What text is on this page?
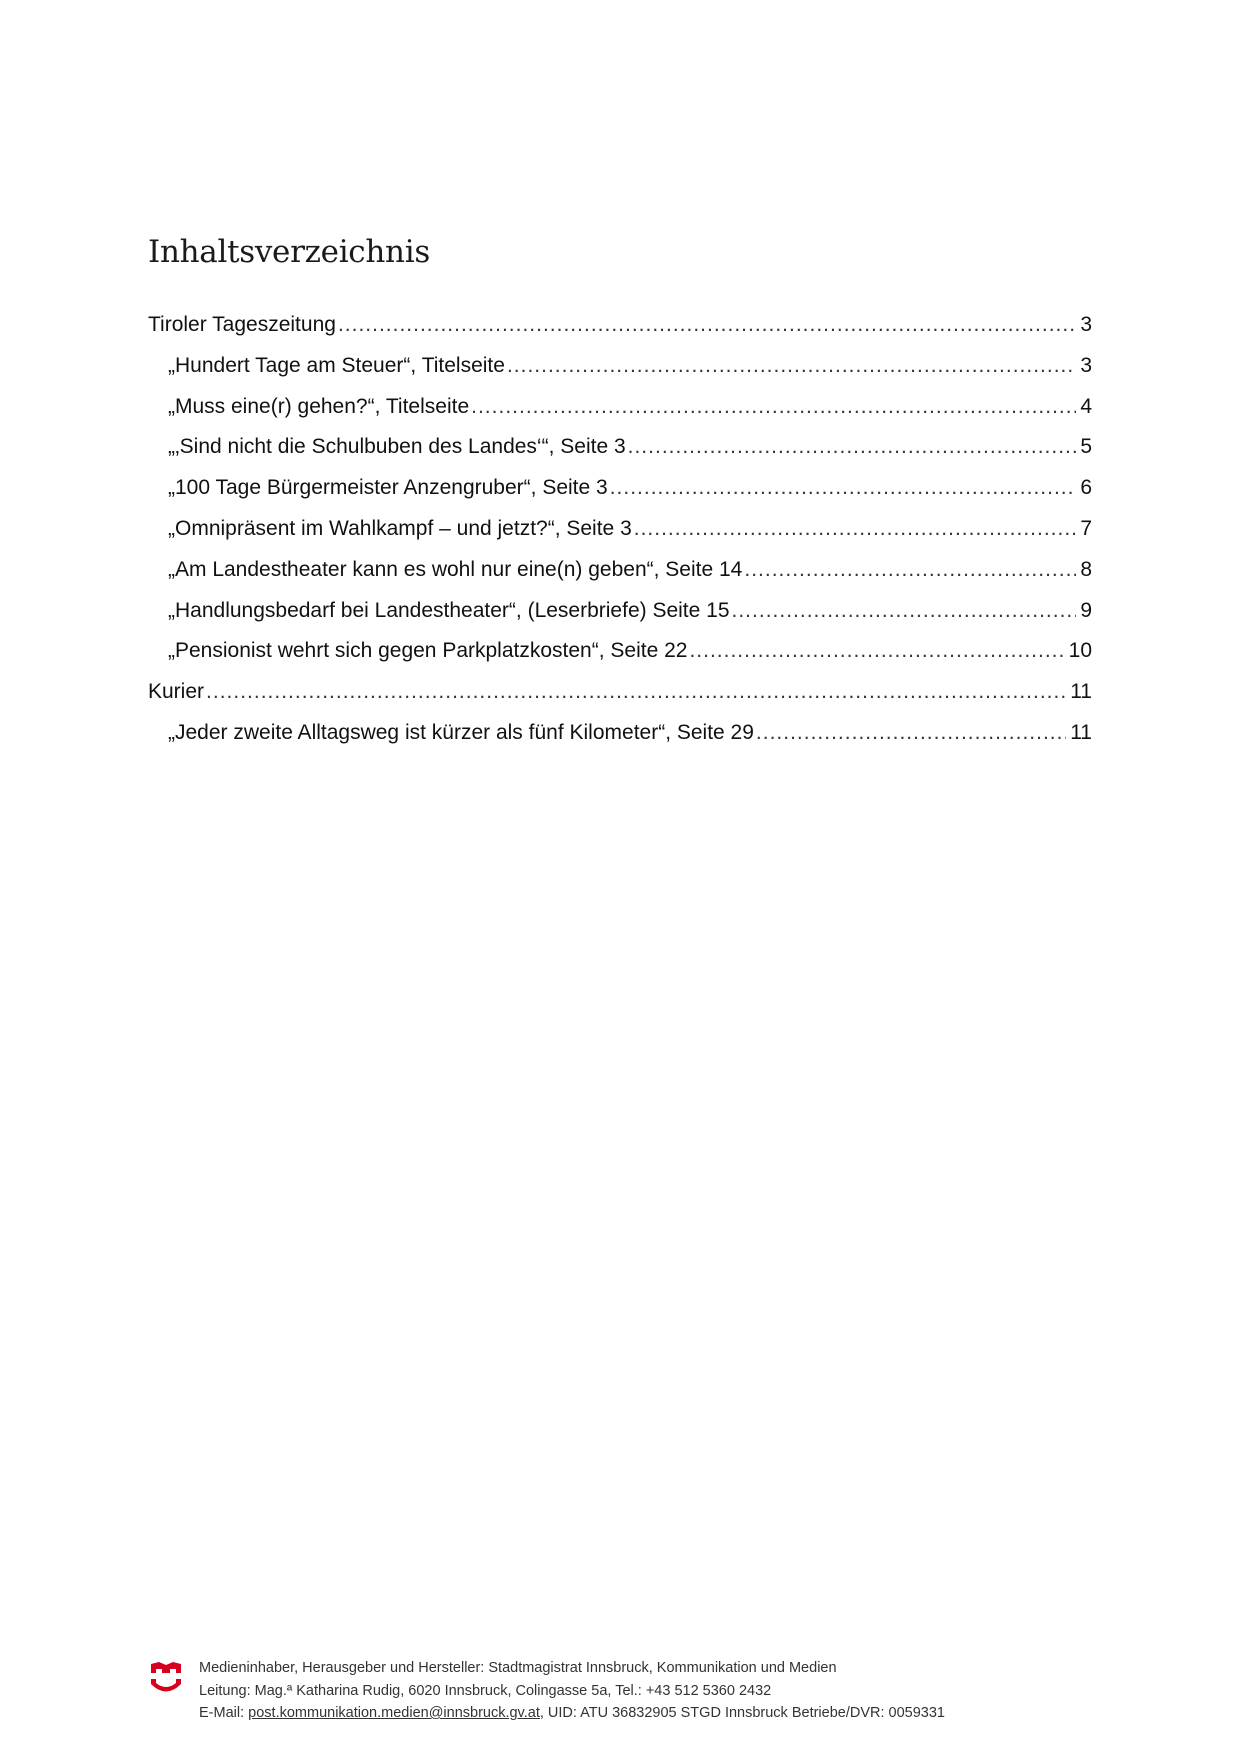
Inhaltsverzeichnis
Tiroler Tageszeitung .....	3
„Hundert Tage am Steuer“, Titelseite .....	3
„Muss eine(r) gehen?“, Titelseite .....	4
„‚Sind nicht die Schulbuben des Landes‘“, Seite 3 .....	5
„100 Tage Bürgermeister Anzengruber“, Seite 3 .....	6
„Omnipräsent im Wahlkampf – und jetzt?“, Seite 3 .....	7
„Am Landestheater kann es wohl nur eine(n) geben“, Seite 14 .....	8
„Handlungsbedarf bei Landestheater“, (Leserbriefe) Seite 15 .....	9
„Pensionist wehrt sich gegen Parkplatzkosten“, Seite 22 .....	10
Kurier .....	11
„Jeder zweite Alltagsweg ist kürzer als fünf Kilometer“, Seite 29 .....	11
Medieninhaber, Herausgeber und Hersteller: Stadtmagistrat Innsbruck, Kommunikation und Medien
Leitung: Mag.ª Katharina Rudig, 6020 Innsbruck, Colingasse 5a, Tel.: +43 512 5360 2432
E-Mail: post.kommunikation.medien@innsbruck.gv.at, UID: ATU 36832905 STGD Innsbruck Betriebe/DVR: 0059331
